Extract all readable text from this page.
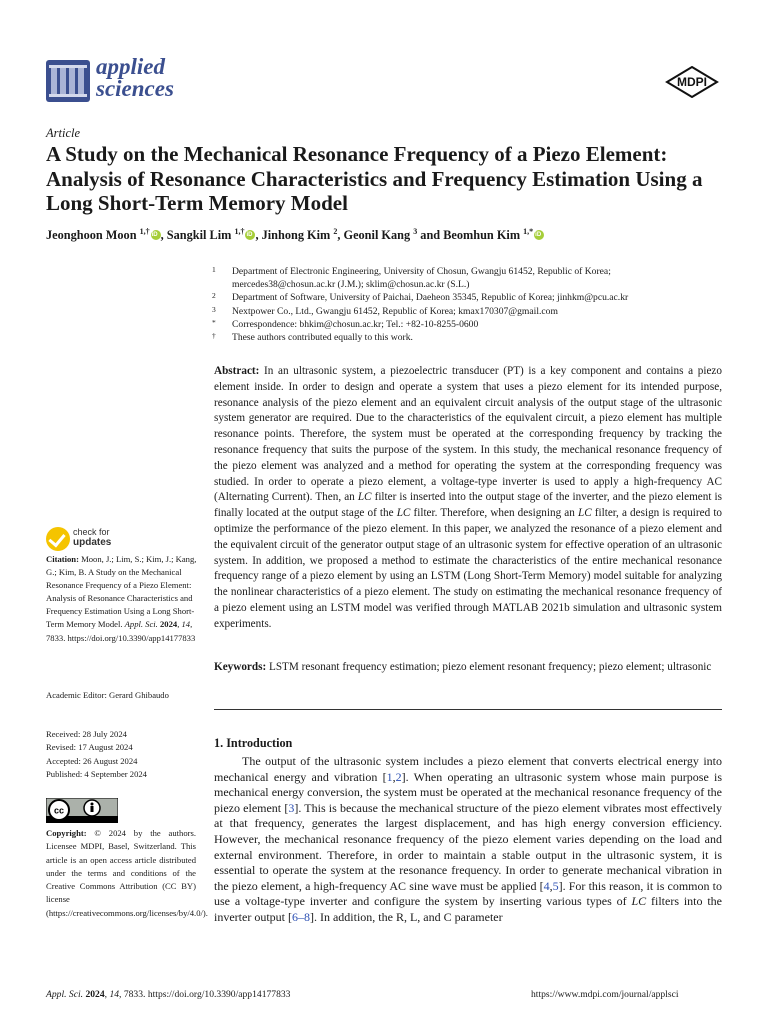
applied
sciences	MDPI
Article
A Study on the Mechanical Resonance Frequency of a Piezo Element: Analysis of Resonance Characteristics and Frequency Estimation Using a Long Short-Term Memory Model
Jeonghoon Moon $^{1,\dagger}$ iD , Sangkil Lim $^{1,\dagger}$ iD , Jinhong Kim $^2$, Geonil Kang $^3$ and Beomhun Kim $^{1,*}$iD
1 Department of Electronic Engineering, University of Chosun, Gwangju 61452, Republic of Korea;
mercedes38@chosun.ac.kr (J.M.); sklim@chosun.ac.kr (S.L.)
2 Department of Software, University of Paichai, Daeheon 35345, Republic of Korea; jinhkm@pcu.ac.kr
3 Nextpower Co., Ltd., Gwangju 61452, Republic of Korea; kmax170307@gmail.com
* Correspondence: bhkim@chosun.ac.kr; Tel.: +82-10-8255-0600
† These authors contributed equally to this work.
Abstract: In an ultrasonic system, a piezoelectric transducer (PT) is a key component and contains a piezo element inside. In order to design and operate a system that uses a piezo element for its intended purpose, resonance analysis of the piezo element and an equivalent circuit analysis of the output stage of the ultrasonic system generator are required. Due to the characteristics of the equivalent circuit, a piezo element has multiple resonance points. Therefore, the system must be operated at the corresponding frequency by tracking the resonance frequency that suits the purpose of the system. In this study, the mechanical resonance frequency of the piezo element was analyzed and a method for operating the system at the corresponding frequency was studied. In order to operate a piezo element, a voltage-type inverter is used to apply a high-frequency AC (Alternating Current). Then, an LC filter is inserted into the output stage of the inverter, and the piezo element is finally located at the output stage of the LC filter. Therefore, when designing an LC filter, a design is required to optimize the performance of the piezo element. In this paper, we analyzed the resonance of a piezo element and the equivalent circuit of the generator output stage of an ultrasonic system for effective operation of an ultrasonic system. In addition, we proposed a method to estimate the characteristics of the entire mechanical resonance frequency range of a piezo element by using an LSTM (Long Short-Term Memory) model suitable for analyzing the nonlinear characteristics of a piezo element. The study on estimating the mechanical resonance frequency of a piezo element using an LSTM model was verified through MATLAB 2021b simulation and ultrasonic system experiments.
Keywords: LSTM resonant frequency estimation; piezo element resonant frequency; piezo element; ultrasonic
1. Introduction
The output of the ultrasonic system includes a piezo element that converts electrical energy into mechanical energy and vibration [1,2]. When operating an ultrasonic system whose main purpose is mechanical energy conversion, the system must be operated at the mechanical resonance frequency of the piezo element [3]. This is because the mechanical structure of the piezo element vibrates most effectively at that frequency, generates the largest displacement, and has high energy conversion efficiency. However, the mechanical resonance frequency of the piezo element varies depending on the load and external environment. Therefore, in order to maintain a stable output in the ultrasonic system, it is essential to operate the system at the resonance frequency. In order to generate mechanical vibration in the piezo element, a high-frequency AC sine wave must be applied [4,5]. For this reason, it is common to use a voltage-type inverter and configure the system by inserting various types of LC filters into the inverter output [6–8]. In addition, the R, L, and C parameter
check for
updates
Citation: Moon, J.; Lim, S.; Kim, J.; Kang, G.; Kim, B. A Study on the Mechanical Resonance Frequency of a Piezo Element: Analysis of Resonance Characteristics and Frequency Estimation Using a Long Short-Term Memory Model. Appl. Sci. 2024, 14, 7833. https://doi.org/10.3390/app14177833
Academic Editor: Gerard Ghibaudo
Received: 28 July 2024
Revised: 17 August 2024
Accepted: 26 August 2024
Published: 4 September 2024
cc
Copyright: © 2024 by the authors. Licensee MDPI, Basel, Switzerland. This article is an open access article distributed under the terms and conditions of the Creative Commons Attribution (CC BY) license (https://creativecommons.org/licenses/by/4.0/).
Appl. Sci. 2024, 14, 7833. https://doi.org/10.3390/app14177833	https://www.mdpi.com/journal/applsci
